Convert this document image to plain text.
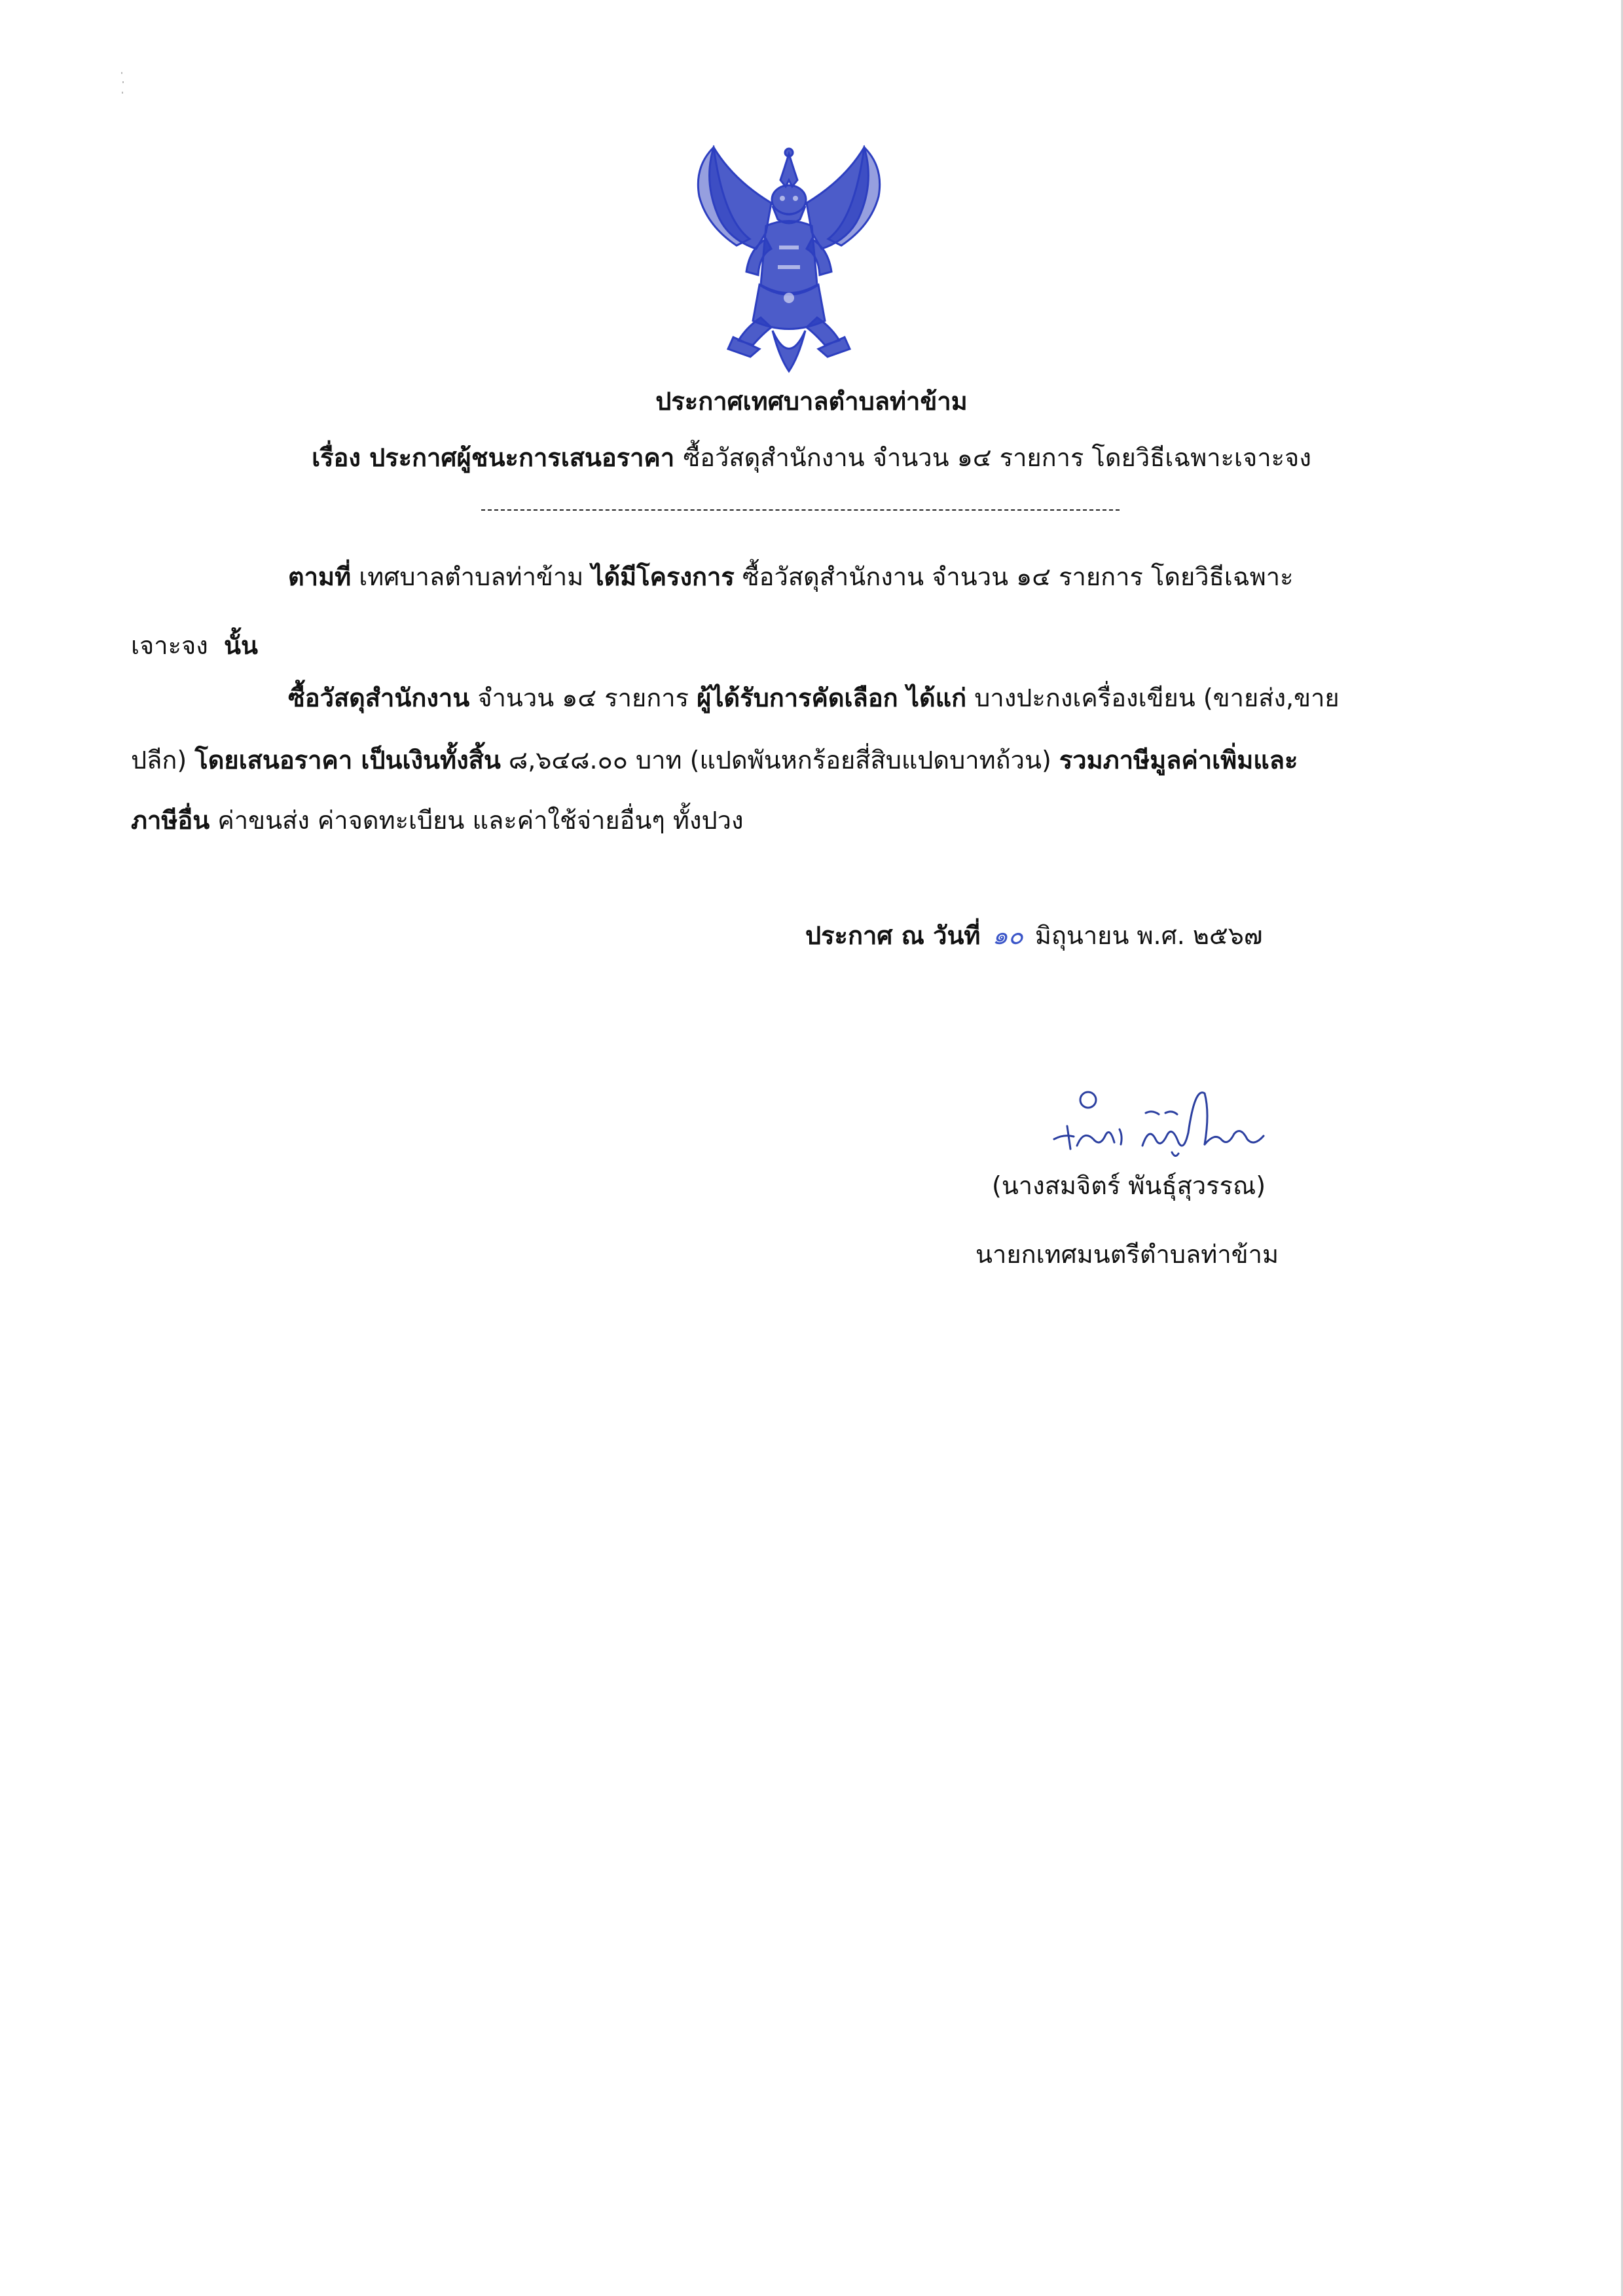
ประกาศเทศบาลตำบลท่าข้าม
เรื่อง ประกาศผู้ชนะการเสนอราคา ซื้อวัสดุสำนักงาน จำนวน ๑๔ รายการ โดยวิธีเฉพาะเจาะจง
ตามที่ เทศบาลตำบลท่าข้าม ได้มีโครงการ ซื้อวัสดุสำนักงาน จำนวน ๑๔ รายการ โดยวิธีเฉพาะ
เจาะจง นั้น
ซื้อวัสดุสำนักงาน จำนวน ๑๔ รายการ ผู้ได้รับการคัดเลือก ได้แก่ บางปะกงเครื่องเขียน (ขายส่ง,ขาย
ปลีก) โดยเสนอราคา เป็นเงินทั้งสิ้น ๘,๖๔๘.๐๐ บาท (แปดพันหกร้อยสี่สิบแปดบาทถ้วน) รวมภาษีมูลค่าเพิ่มและ
ภาษีอื่น ค่าขนส่ง ค่าจดทะเบียน และค่าใช้จ่ายอื่นๆ ทั้งปวง
ประกาศ ณ วันที่ ๑๐ มิถุนายน พ.ศ. ๒๕๖๗
(นางสมจิตร์ พันธุ์สุวรรณ)
นายกเทศมนตรีตำบลท่าข้าม
